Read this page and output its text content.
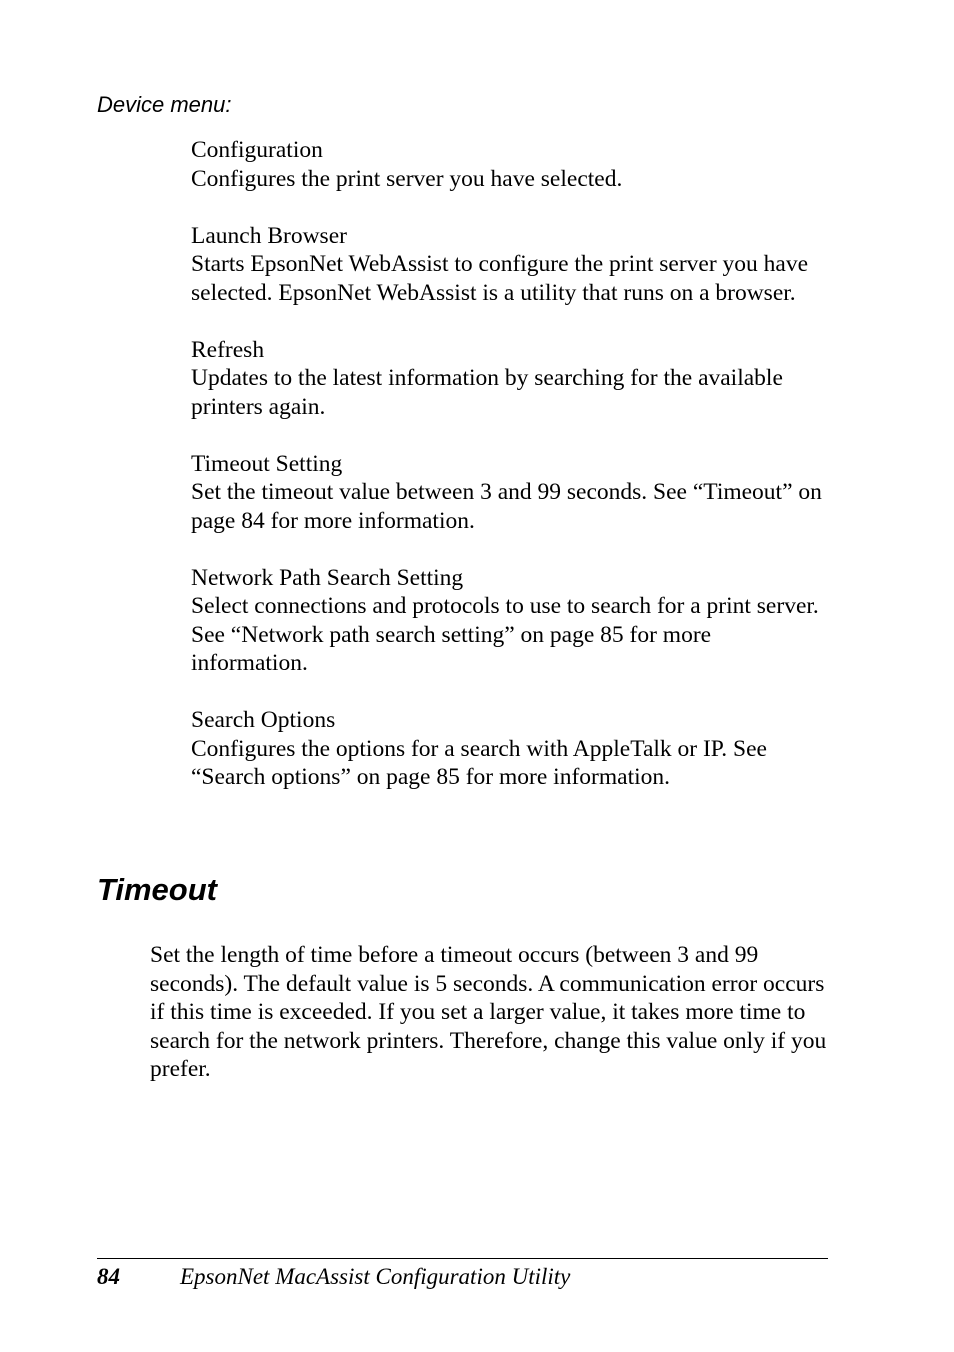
Device menu:

Configuration
Configures the print server you have selected.
Launch Browser
Starts EpsonNet WebAssist to configure the print server you have selected. EpsonNet WebAssist is a utility that runs on a browser.
Refresh
Updates to the latest information by searching for the available printers again.
Timeout Setting
Set the timeout value between 3 and 99 seconds. See “Timeout” on page 84 for more information.
Network Path Search Setting
Select connections and protocols to use to search for a print server. See “Network path search setting” on page 85 for more information.
Search Options
Configures the options for a search with AppleTalk or IP. See “Search options” on page 85 for more information.
Timeout

Set the length of time before a timeout occurs (between 3 and 99 seconds). The default value is 5 seconds. A communication error occurs if this time is exceeded. If you set a larger value, it takes more time to search for the network printers. Therefore, change this value only if you prefer.

84	EpsonNet MacAssist Configuration Utility
